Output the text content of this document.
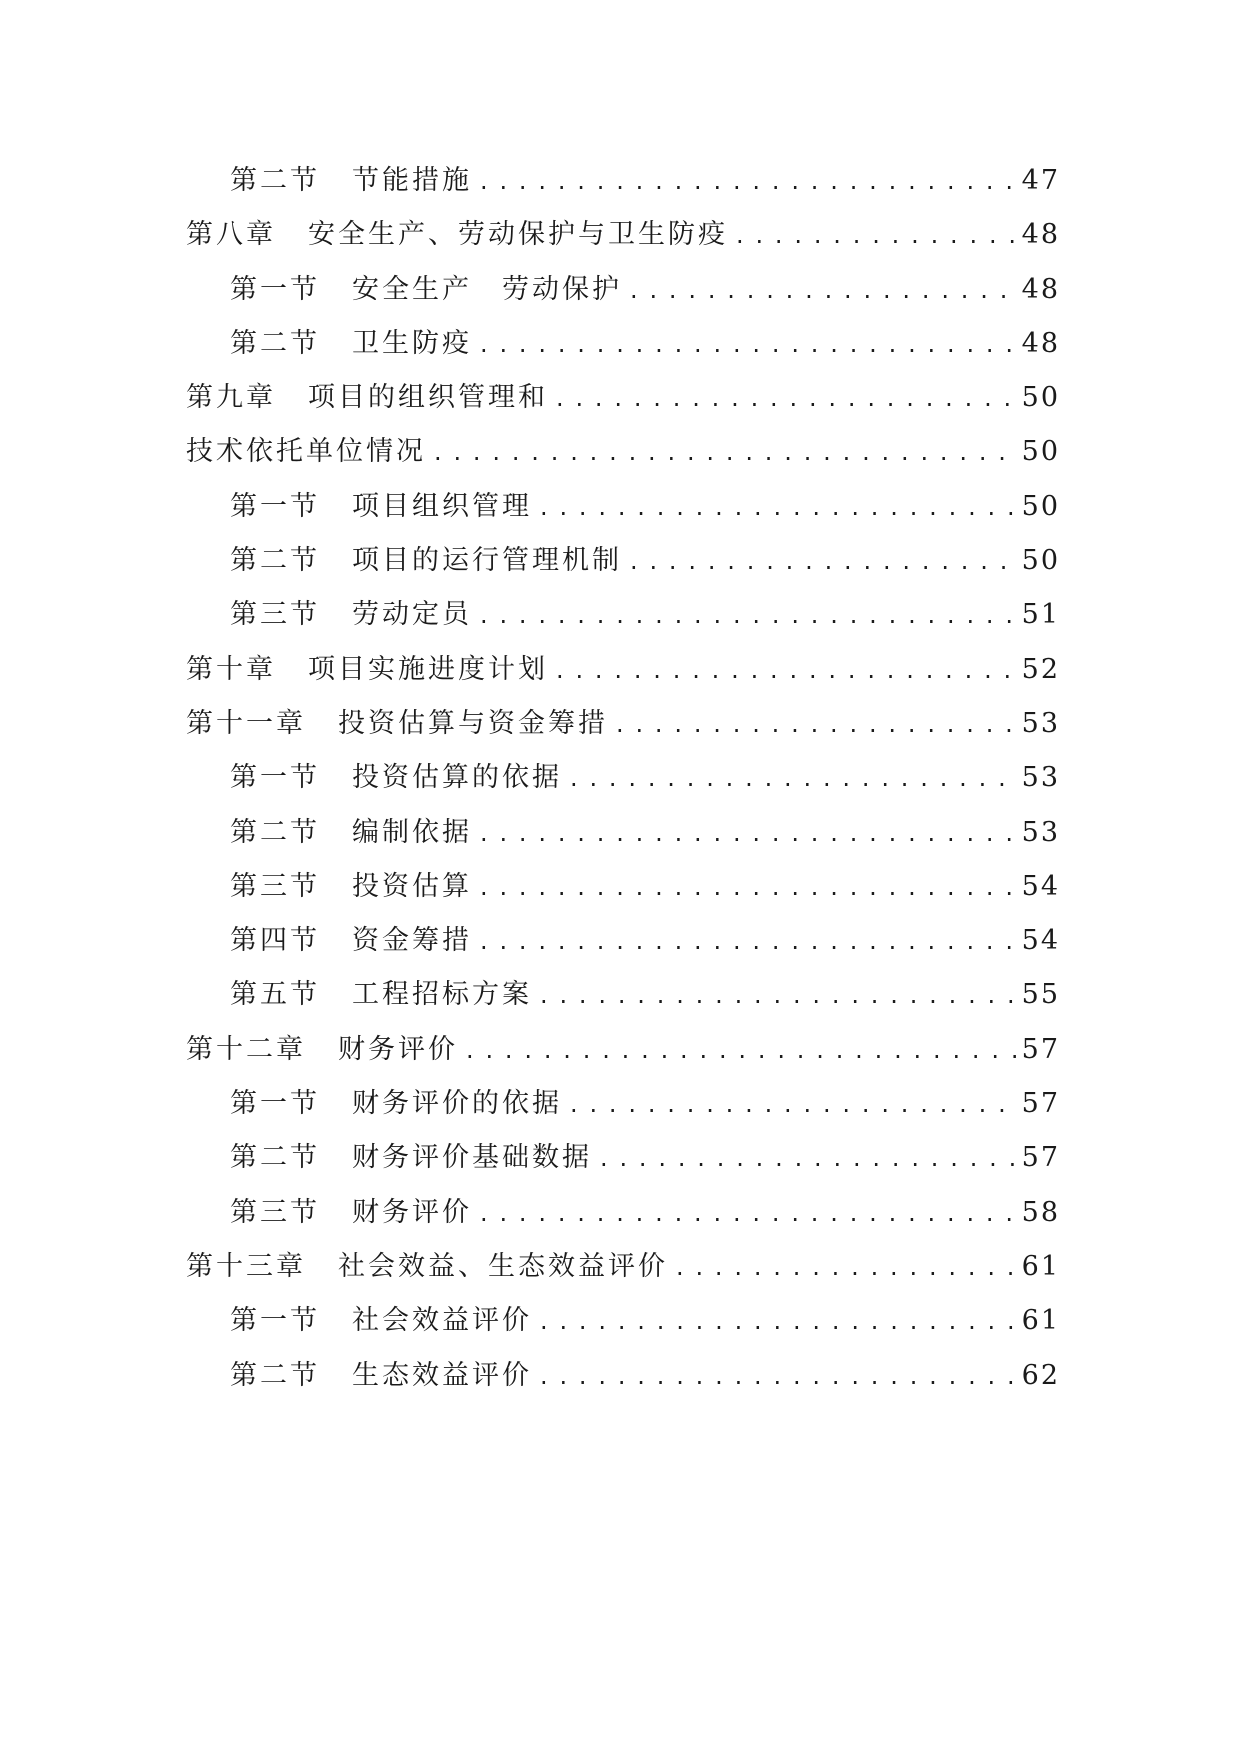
第二节 节能措施 . . .	47
第八章 安全生产、劳动保护与卫生防疫 . . .	48
第一节 安全生产　劳动保护 . . .	48
第二节 卫生防疫 . . .	48
第九章 项目的组织管理和 . . .	50
技术依托单位情况 . . .	50
第一节 项目组织管理 . . .	50
第二节 项目的运行管理机制 . . .	50
第三节 劳动定员 . . .	51
第十章 项目实施进度计划 . . .	52
第十一章 投资估算与资金筹措 . . .	53
第一节 投资估算的依据 . . .	53
第二节 编制依据 . . .	53
第三节 投资估算 . . .	54
第四节 资金筹措 . . .	54
第五节 工程招标方案 . . .	55
第十二章 财务评价 . . .	57
第一节 财务评价的依据 . . .	57
第二节 财务评价基础数据 . . .	57
第三节 财务评价 . . .	58
第十三章 社会效益、生态效益评价 . . .	61
第一节 社会效益评价 . . .	61
第二节 生态效益评价 . . .	62
